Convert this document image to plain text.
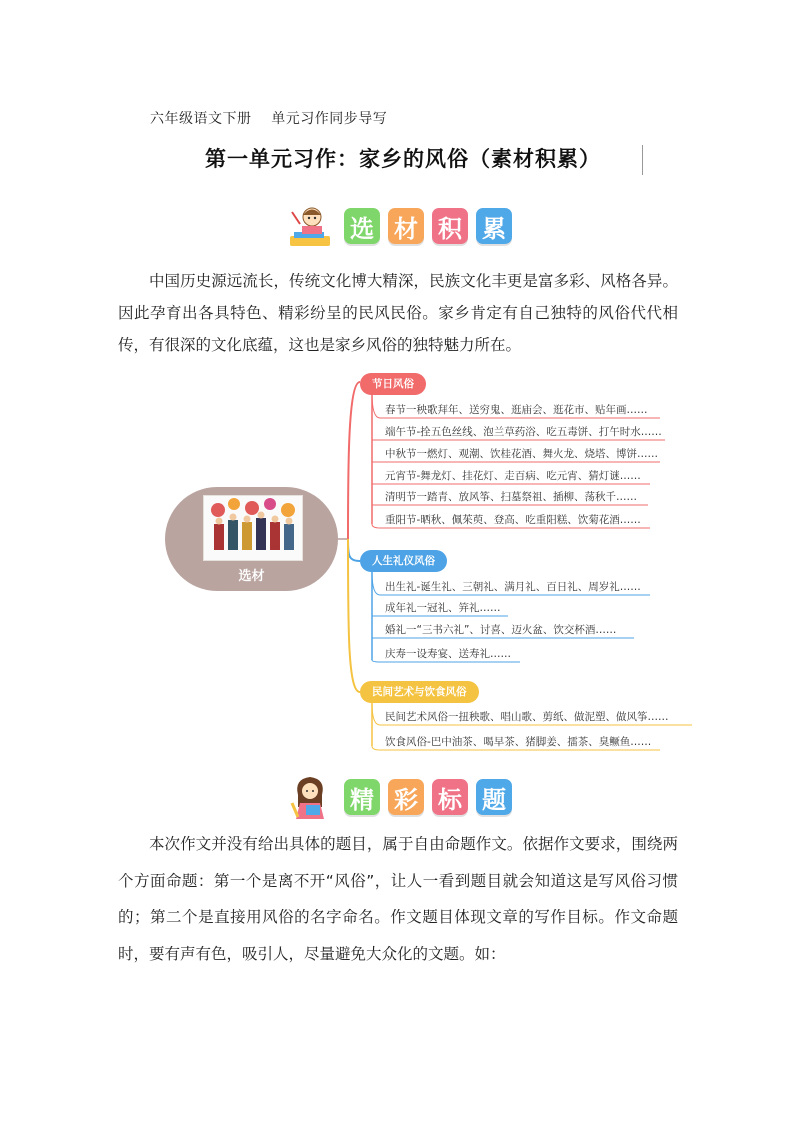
六年级语文下册    单元习作同步导写
第一单元习作：家乡的风俗（素材积累）
选 材 积 累

中国历史源远流长，传统文化博大精深，民族文化丰更是富多彩、风格各异。因此孕育出各具特色、精彩纷呈的民风民俗。家乡肯定有自己独特的风俗代代相传，有很深的文化底蕴，这也是家乡风俗的独特魅力所在。

选材
节日风俗
春节一秧歌拜年、送穷鬼、逛庙会、逛花市、贴年画……
端午节-拴五色丝线、泡兰草药浴、吃五毒饼、打午时水……
中秋节一燃灯、观潮、饮桂花酒、舞火龙、烧塔、博饼……
元宵节-舞龙灯、挂花灯、走百病、吃元宵、猜灯谜……
清明节一踏青、放风筝、扫墓祭祖、插柳、荡秋千……
重阳节-晒秋、佩茱萸、登高、吃重阳糕、饮菊花酒……
人生礼仪风俗
出生礼-诞生礼、三朝礼、满月礼、百日礼、周岁礼……
成年礼一冠礼、笄礼……
婚礼一“三书六礼”、讨喜、迈火盆、饮交杯酒……
庆寿一设寿宴、送寿礼……
民间艺术与饮食风俗
民间艺术风俗一扭秧歌、唱山歌、剪纸、做泥塑、做风筝……
饮食风俗-巴中油茶、喝早茶、猪脚姜、擂茶、臭鳜鱼……
精 彩 标 题

本次作文并没有给出具体的题目，属于自由命题作文。依据作文要求，围绕两个方面命题：第一个是离不开“风俗”，让人一看到题目就会知道这是写风俗习惯的；第二个是直接用风俗的名字命名。作文题目体现文章的写作目标。作文命题时，要有声有色，吸引人，尽量避免大众化的文题。如：
